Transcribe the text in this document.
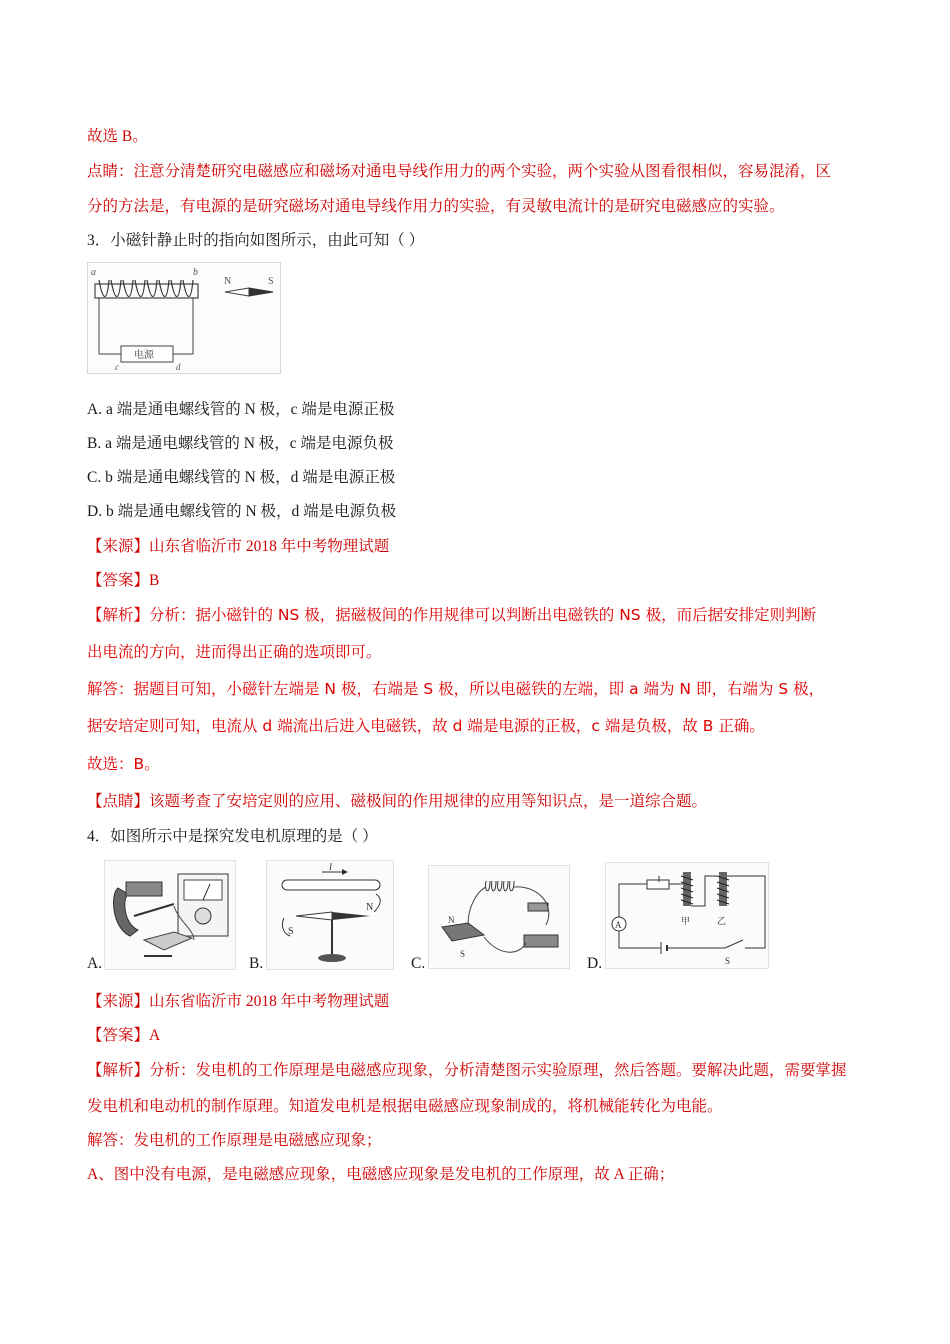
故选 B。
点睛：注意分清楚研究电磁感应和磁场对通电导线作用力的两个实验，两个实验从图看很相似，容易混淆，区
分的方法是，有电源的是研究磁场对通电导线作用力的实验，有灵敏电流计的是研究电磁感应的实验。
3．小磁针静止时的指向如图所示，由此可知（ ）
a	b
电源
c	d
N	S
A. a 端是通电螺线管的 N 极，c 端是电源正极
B. a 端是通电螺线管的 N 极，c 端是电源负极
C. b 端是通电螺线管的 N 极，d 端是电源正极
D. b 端是通电螺线管的 N 极，d 端是电源负极
【来源】山东省临沂市 2018 年中考物理试题
【答案】B
【解析】分析：据小磁针的 NS 极，据磁极间的作用规律可以判断出电磁铁的 NS 极，而后据安排定则判断
出电流的方向，进而得出正确的选项即可。
解答：据题目可知，小磁针左端是 N 极，右端是 S 极，所以电磁铁的左端，即 a 端为 N 即，右端为 S 极，
据安培定则可知，电流从 d 端流出后进入电磁铁，故 d 端是电源的正极，c 端是负极，故 B 正确。
故选：B。
【点睛】该题考查了安培定则的应用、磁极间的作用规律的应用等知识点，是一道综合题。
4．如图所示中是探究发电机原理的是（ ）
A.
I
S
N
B.
N
S
C.
甲	乙
A
S
D.
【来源】山东省临沂市 2018 年中考物理试题
【答案】A
【解析】分析：发电机的工作原理是电磁感应现象，分析清楚图示实验原理，然后答题。要解决此题，需要掌握
发电机和电动机的制作原理。知道发电机是根据电磁感应现象制成的，将机械能转化为电能。
解答：发电机的工作原理是电磁感应现象；
A、图中没有电源，是电磁感应现象，电磁感应现象是发电机的工作原理，故 A 正确；
